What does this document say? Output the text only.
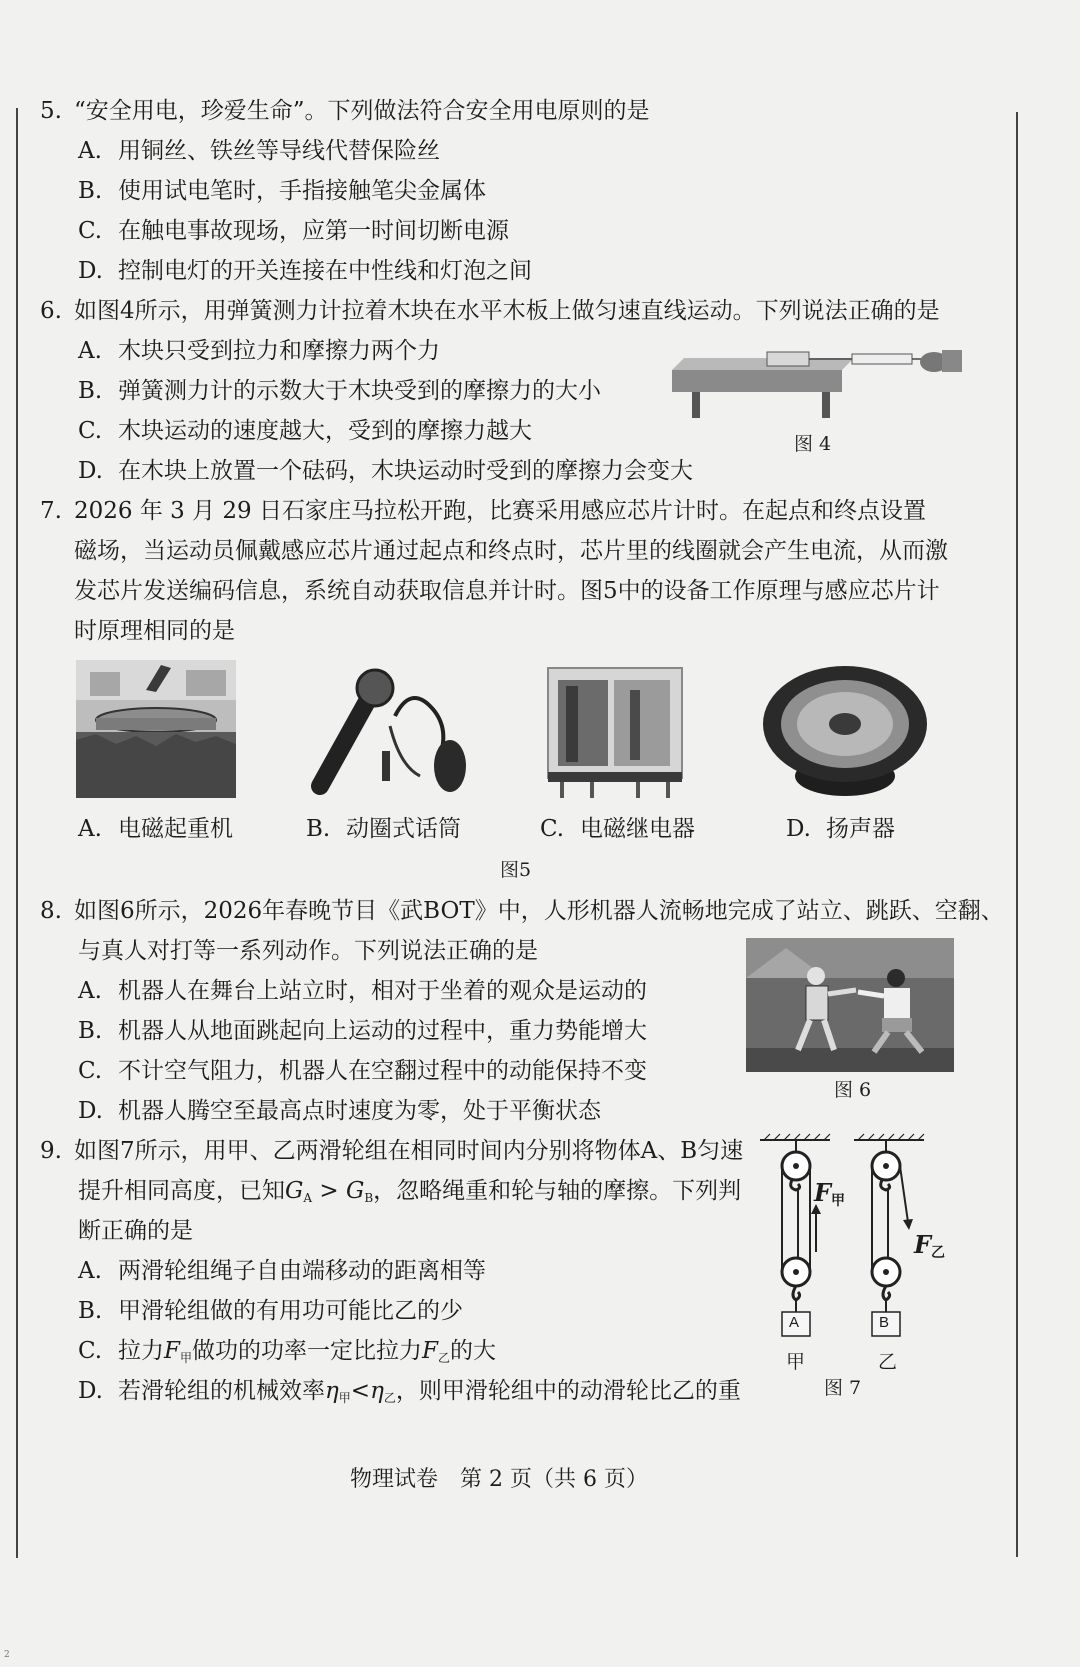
5. “安全用电，珍爱生命”。下列做法符合安全用电原则的是
A. 用铜丝、铁丝等导线代替保险丝
B. 使用试电笔时，手指接触笔尖金属体
C. 在触电事故现场，应第一时间切断电源
D. 控制电灯的开关连接在中性线和灯泡之间
6. 如图4所示，用弹簧测力计拉着木块在水平木板上做匀速直线运动。下列说法正确的是
A. 木块只受到拉力和摩擦力两个力
B. 弹簧测力计的示数大于木块受到的摩擦力的大小
C. 木块运动的速度越大，受到的摩擦力越大
D. 在木块上放置一个砝码，木块运动时受到的摩擦力会变大
图 4
7. 2026 年 3 月 29 日石家庄马拉松开跑，比赛采用感应芯片计时。在起点和终点设置
磁场，当运动员佩戴感应芯片通过起点和终点时，芯片里的线圈就会产生电流，从而激
发芯片发送编码信息，系统自动获取信息并计时。图5中的设备工作原理与感应芯片计
时原理相同的是
A. 电磁起重机	B. 动圈式话筒	C. 电磁继电器	D. 扬声器
图5
8. 如图6所示，2026年春晚节目《武BOT》中，人形机器人流畅地完成了站立、跳跃、空翻、
与真人对打等一系列动作。下列说法正确的是
A. 机器人在舞台上站立时，相对于坐着的观众是运动的
B. 机器人从地面跳起向上运动的过程中，重力势能增大
C. 不计空气阻力，机器人在空翻过程中的动能保持不变
D. 机器人腾空至最高点时速度为零，处于平衡状态
图 6
9. 如图7所示，用甲、乙两滑轮组在相同时间内分别将物体A、B匀速
提升相同高度，已知$G_A > G_B$，忽略绳重和轮与轴的摩擦。下列判
断正确的是
A. 两滑轮组绳子自由端移动的距离相等
B. 甲滑轮组做的有用功可能比乙的少
C. 拉力$F_甲$做功的功率一定比拉力$F_乙$的大
D. 若滑轮组的机械效率$\eta_甲<\eta_乙$，则甲滑轮组中的动滑轮比乙的重
$F_甲$
$F_乙$
A	B
甲	乙
图 7
物理试卷　第 2 页（共 6 页）
2
